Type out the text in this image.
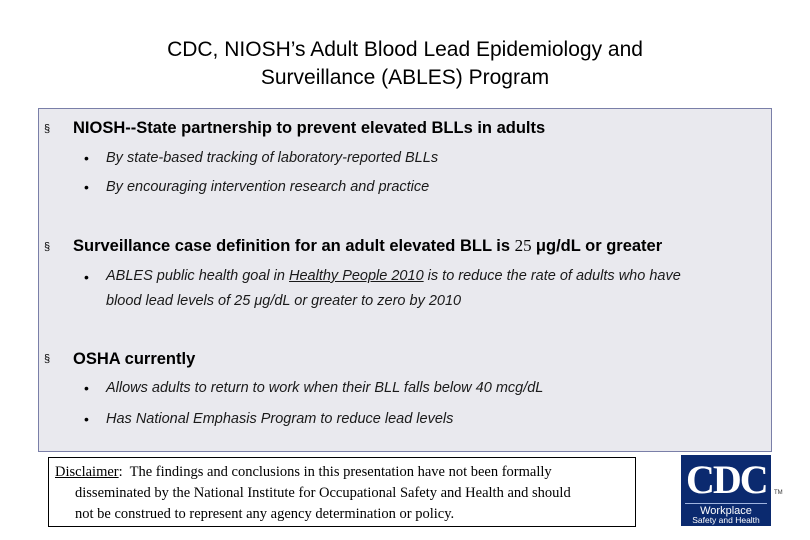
CDC, NIOSH’s Adult Blood Lead Epidemiology and
Surveillance (ABLES) Program
§ NIOSH--State partnership to prevent elevated BLLs in adults
• By state-based tracking of laboratory-reported BLLs
• By encouraging intervention research and practice
§ Surveillance case definition for an adult elevated BLL is 25 μg/dL or greater
• ABLES public health goal in Healthy People 2010 is to reduce the rate of adults who have
blood lead levels of 25 μg/dL or greater to zero by 2010
§ OSHA currently
• Allows adults to return to work when their BLL falls below 40 mcg/dL
• Has National Emphasis Program to reduce lead levels
Disclaimer:  The findings and conclusions in this presentation have not been formally
disseminated by the National Institute for Occupational Safety and Health and should
not be construed to represent any agency determination or policy.
CDC
Workplace
Safety and Health
TM
